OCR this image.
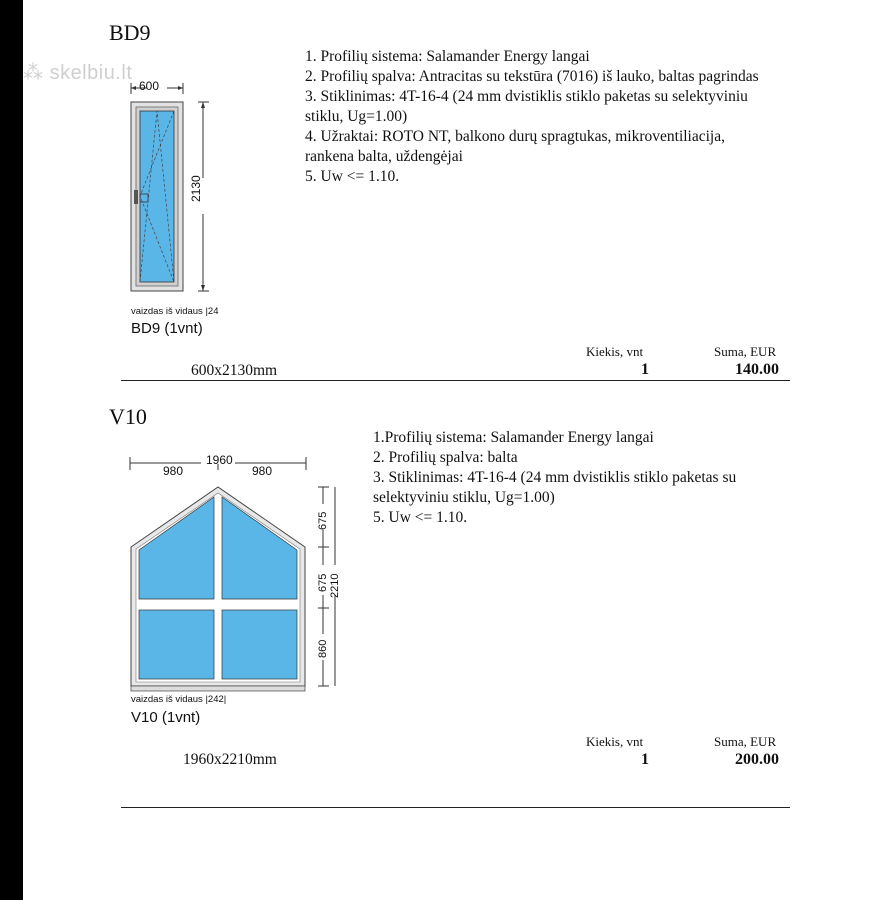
⁂ skelbiu.lt
BD9
1. Profilių sistema: Salamander Energy langai
2. Profilių spalva: Antracitas su tekstūra (7016) iš lauko, baltas pagrindas
3. Stiklinimas: 4T-16-4 (24 mm dvistiklis stiklo paketas su selektyviniu
stiklu, Ug=1.00)
4. Užraktai: ROTO NT, balkono durų spragtukas, mikroventiliacija,
rankena balta, uždengėjai
5. Uw <= 1.10.
600
2130
vaizdas iš vidaus |24
BD9 (1vnt)
Kiekis, vnt	Suma, EUR
600x2130mm	1	140.00
V10
1.Profilių sistema: Salamander Energy langai
2. Profilių spalva: balta
3. Stiklinimas: 4T-16-4 (24 mm dvistiklis stiklo paketas su
selektyviniu stiklu, Ug=1.00)
5. Uw <= 1.10.
1960
980	980
675
675 2210
860
vaizdas iš vidaus |242|
V10 (1vnt)
Kiekis, vnt	Suma, EUR
1960x2210mm	1	200.00
